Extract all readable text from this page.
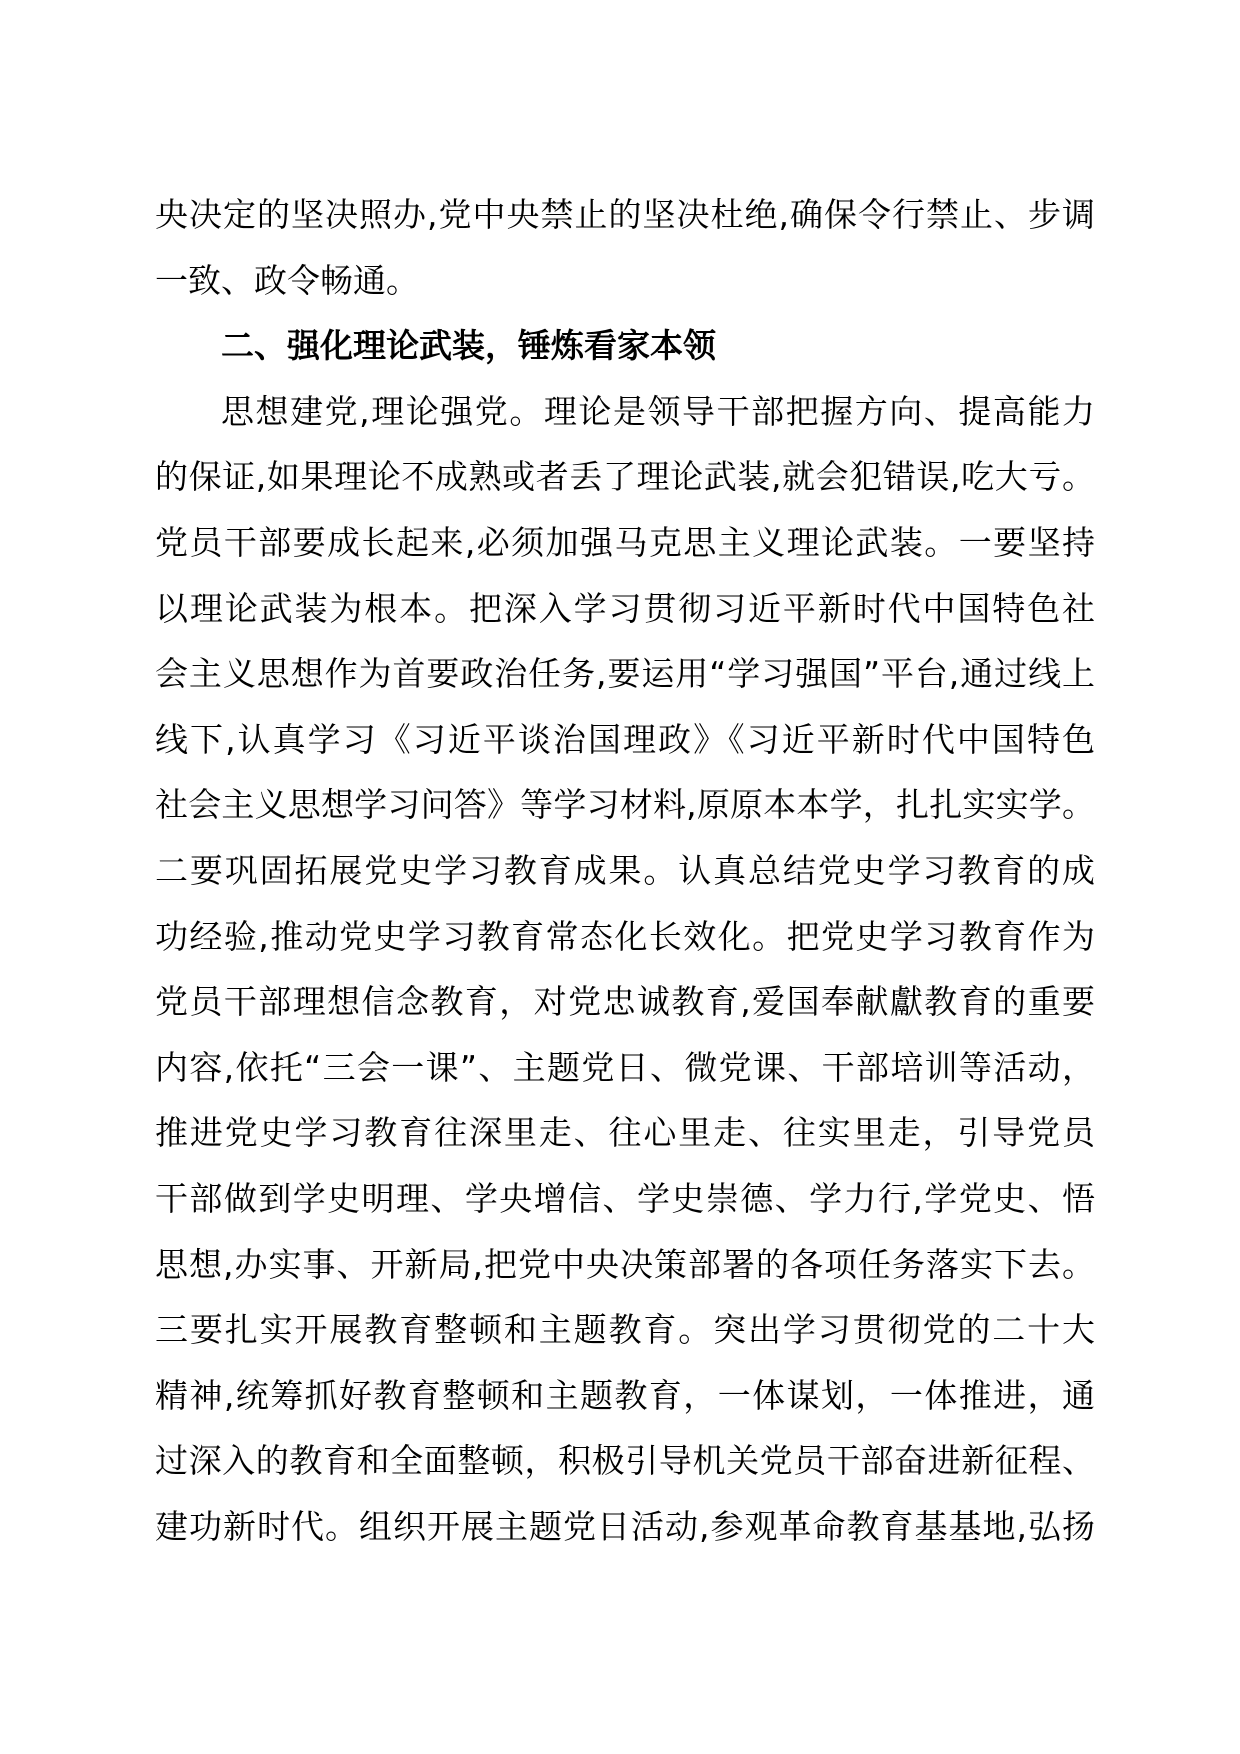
央决定的坚决照办,党中央禁止的坚决杜绝,确保令行禁止、步调
一致、政令畅通。
二、强化理论武装，锤炼看家本领
思想建党,理论强党。理论是领导干部把握方向、提高能力
的保证,如果理论不成熟或者丢了理论武装,就会犯错误,吃大亏。
党员干部要成长起来,必须加强马克思主义理论武装。一要坚持
以理论武装为根本。把深入学习贯彻习近平新时代中国特色社
会主义思想作为首要政治任务,要运用“学习强国”平台,通过线上
线下,认真学习《习近平谈治国理政》《习近平新时代中国特色
社会主义思想学习问答》等学习材料,原原本本学，扎扎实实学。
二要巩固拓展党史学习教育成果。认真总结党史学习教育的成
功经验,推动党史学习教育常态化长效化。把党史学习教育作为
党员干部理想信念教育，对党忠诚教育,爱国奉献獻教育的重要
内容,依托“三会一课”、主题党日、微党课、干部培训等活动，
推进党史学习教育往深里走、往心里走、往实里走，引导党员
干部做到学史明理、学央增信、学史崇德、学力行,学党史、悟
思想,办实事、开新局,把党中央决策部署的各项任务落实下去。
三要扎实开展教育整顿和主题教育。突出学习贯彻党的二十大
精神,统筹抓好教育整顿和主题教育，一体谋划，一体推进，通
过深入的教育和全面整顿，积极引导机关党员干部奋进新征程、
建功新时代。组织开展主题党日活动,参观革命教育基基地,弘扬
